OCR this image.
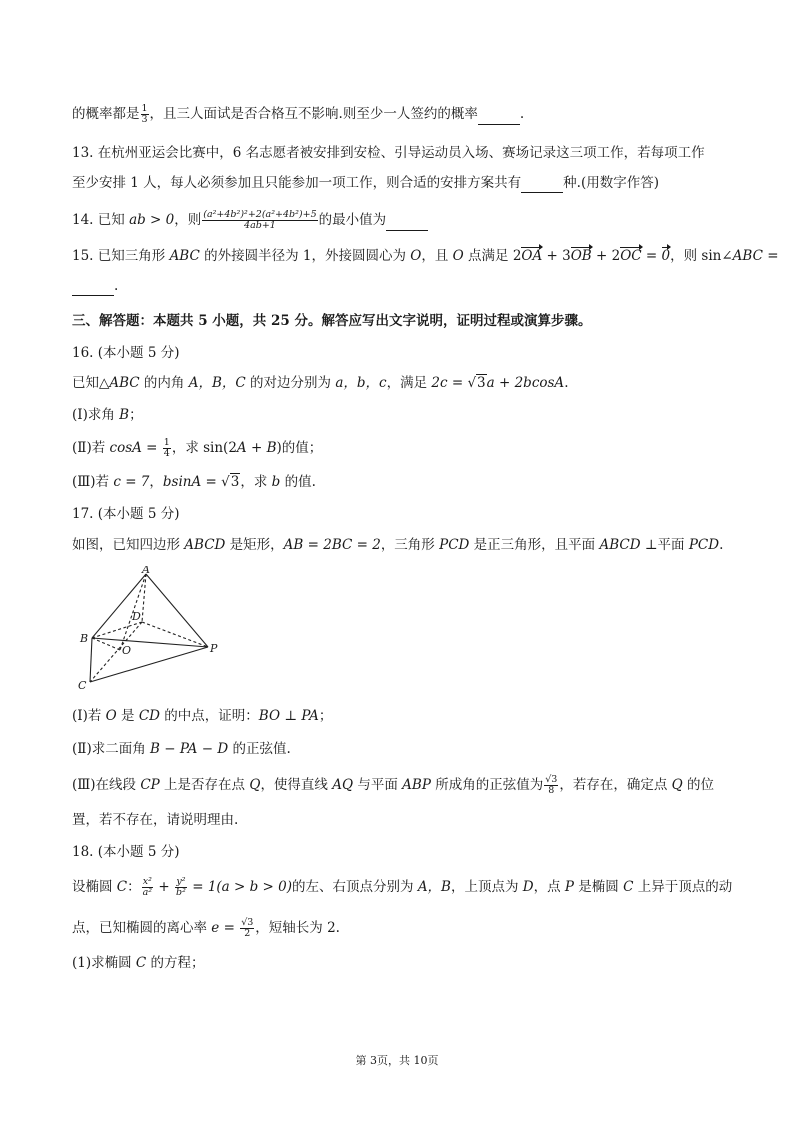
的概率都是 $\frac{1}{3}$ ，且三人面试是否合格互不影响.则至少一人签约的概率	.
13. 在杭州亚运会比赛中，6 名志愿者被安排到安检、引导运动员入场、赛场记录这三项工作，若每项工作
至少安排 1 人，每人必须参加且只能参加一项工作，则合适的安排方案共有	种.(用数字作答)
14. 已知 ab > 0，则 $\frac{\text{(a²+4b²)²+2(a²+4b²)+5}}{4ab+1}$ 的最小值为
15. 已知三角形 ABC 的外接圆半径为 1，外接圆圆心为 O，且 O 点满足 2OA + 3OB + 2OC = 0，则 sin∠ABC =
.
三、解答题：本题共 5 小题，共 25 分。解答应写出文字说明，证明过程或演算步骤。
16. (本小题 5 分)
已知△ABC 的内角 A，B，C 的对边分别为 a，b，c，满足 2c = √3a + 2bcosA.
(Ⅰ)求角 B；
(Ⅱ)若 $\cos A = \frac{1}{4}$ ，求 sin(2A + B)的值；
(Ⅲ)若 c = 7，bsinA = √3，求 b 的值.
17. (本小题 5 分)
如图，已知四边形 ABCD 是矩形，AB = 2BC = 2，三角形 PCD 是正三角形，且平面 ABCD ⊥平面 PCD.
A
D
B
O	P
C
(Ⅰ)若 O 是 CD 的中点，证明：BO ⊥ PA；
(Ⅱ)求二面角 B − PA − D 的正弦值.
(Ⅲ)在线段 CP 上是否存在点 Q，使得直线 AQ 与平面 ABP 所成角的正弦值为 $\frac{√3}{8}$ ，若存在，确定点 Q 的位
置，若不存在，请说明理由.
18. (本小题 5 分)
设椭圆 C： $\frac{\text{x²}}{\text{a²}} + \frac{\text{y²}}{\text{b²}} = 1(a > b > 0)$的左、右顶点分别为 A，B，上顶点为 D，点 P 是椭圆 C 上异于顶点的动
点，已知椭圆的离心率 $e = \frac{√3}{2}$ ，短轴长为 2.
(1)求椭圆 C 的方程；
第 3页，共 10页
